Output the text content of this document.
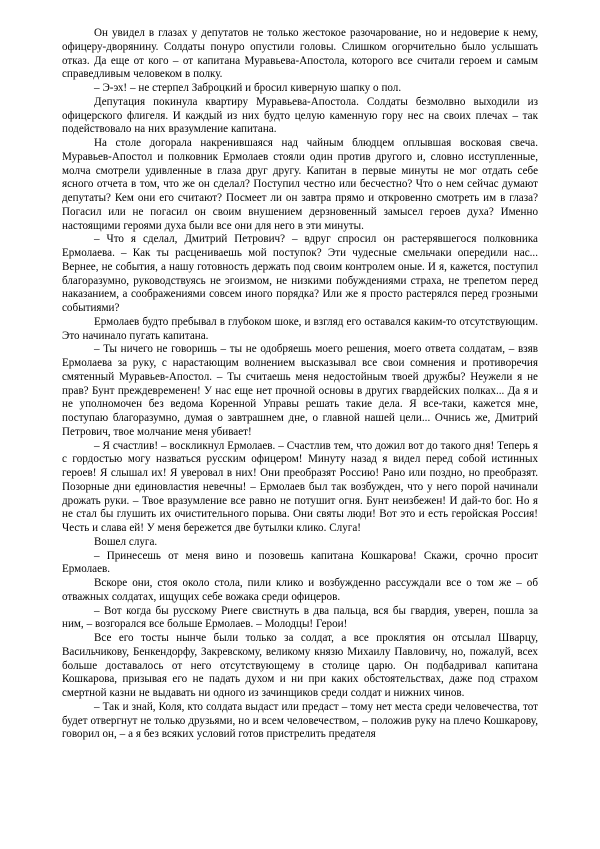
Он увидел в глазах у депутатов не только жестокое разочарование, но и недоверие к нему, офицеру-дворянину. Солдаты понуро опустили головы. Слишком огорчительно было услышать отказ. Да еще от кого – от капитана Муравьева-Апостола, которого все считали героем и самым справедливым человеком в полку.

– Э-эх! – не стерпел Заброцкий и бросил киверную шапку о пол.

Депутация покинула квартиру Муравьева-Апостола. Солдаты безмолвно выходили из офицерского флигеля. И каждый из них будто целую каменную гору нес на своих плечах – так подействовало на них вразумление капитана.

На столе догорала накренившаяся над чайным блюдцем оплывшая восковая свеча. Муравьев-Апостол и полковник Ермолаев стояли один против другого и, словно исступленные, молча смотрели удивленные в глаза друг другу. Капитан в первые минуты не мог отдать себе ясного отчета в том, что же он сделал? Поступил честно или бесчестно? Что о нем сейчас думают депутаты? Кем они его считают? Посмеет ли он завтра прямо и откровенно смотреть им в глаза? Погасил или не погасил он своим внушением дерзновенный замысел героев духа? Именно настоящими героями духа были все они для него в эти минуты.

– Что я сделал, Дмитрий Петрович? – вдруг спросил он растерявшегося полковника Ермолаева. – Как ты расцениваешь мой поступок? Эти чудесные смельчаки опередили нас... Вернее, не события, а нашу готовность держать под своим контролем оные. И я, кажется, поступил благоразумно, руководствуясь не эгоизмом, не низкими побуждениями страха, не трепетом перед наказанием, а соображениями совсем иного порядка? Или же я просто растерялся перед грозными событиями?

Ермолаев будто пребывал в глубоком шоке, и взгляд его оставался каким-то отсутствующим. Это начинало пугать капитана.

– Ты ничего не говоришь – ты не одобряешь моего решения, моего ответа солдатам, – взяв Ермолаева за руку, с нарастающим волнением высказывал все свои сомнения и противоречия смятенный Муравьев-Апостол. – Ты считаешь меня недостойным твоей дружбы? Неужели я не прав? Бунт преждевременен! У нас еще нет прочной основы в других гвардейских полках... Да я и не уполномочен без ведома Коренной Управы решать такие дела. Я все-таки, кажется мне, поступаю благоразумно, думая о завтрашнем дне, о главной нашей цели... Очнись же, Дмитрий Петрович, твое молчание меня убивает!

– Я счастлив! – воскликнул Ермолаев. – Счастлив тем, что дожил вот до такого дня! Теперь я с гордостью могу назваться русским офицером! Минуту назад я видел перед собой истинных героев! Я слышал их! Я уверовал в них! Они преобразят Россию! Рано или поздно, но преобразят. Позорные дни единовластия невечны! – Ермолаев был так возбужден, что у него порой начинали дрожать руки. – Твое вразумление все равно не потушит огня. Бунт неизбежен! И дай-то бог. Но я не стал бы глушить их очистительного порыва. Они святы люди! Вот это и есть геройская Россия! Честь и слава ей! У меня бережется две бутылки клико. Слуга!

Вошел слуга.

– Принесешь от меня вино и позовешь капитана Кошкарова! Скажи, срочно просит Ермолаев.

Вскоре они, стоя около стола, пили клико и возбужденно рассуждали все о том же – об отважных солдатах, ищущих себе вожака среди офицеров.

– Вот когда бы русскому Риеге свистнуть в два пальца, вся бы гвардия, уверен, пошла за ним, – возгорался все больше Ермолаев. – Молодцы! Герои!

Все его тосты нынче были только за солдат, а все проклятия он отсылал Шварцу, Васильчикову, Бенкендорфу, Закревскому, великому князю Михаилу Павловичу, но, пожалуй, всех больше доставалось от него отсутствующему в столице царю. Он подбадривал капитана Кошкарова, призывая его не падать духом и ни при каких обстоятельствах, даже под страхом смертной казни не выдавать ни одного из зачинщиков среди солдат и нижних чинов.

– Так и знай, Коля, кто солдата выдаст или предаст – тому нет места среди человечества, тот будет отвергнут не только друзьями, но и всем человечеством, – положив руку на плечо Кошкарову, говорил он, – а я без всяких условий готов пристрелить предателя
